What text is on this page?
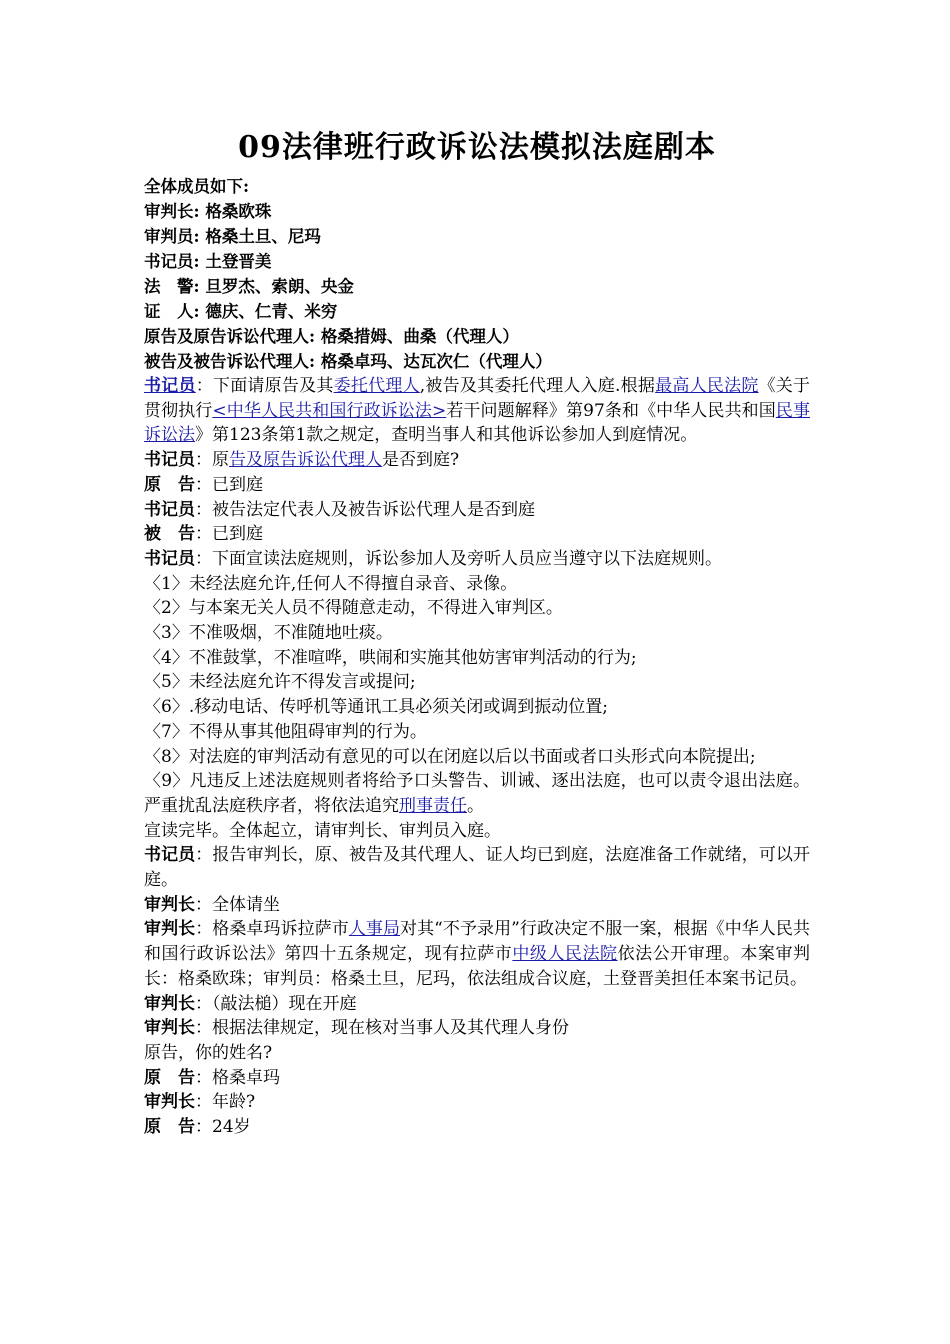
09法律班行政诉讼法模拟法庭剧本

全体成员如下:

审判长: 格桑欧珠

审判员: 格桑土旦、尼玛

书记员: 土登晋美

法　警: 旦罗杰、索朗、央金

证　人: 德庆、仁青、米穷

原告及原告诉讼代理人: 格桑措姆、曲桑（代理人）

被告及被告诉讼代理人: 格桑卓玛、达瓦次仁（代理人）

书记员：下面请原告及其委托代理人,被告及其委托代理人入庭.根据最高人民法院《关于贯彻执行<中华人民共和国行政诉讼法>若干问题解释》第97条和《中华人民共和国民事诉讼法》第123条第1款之规定，查明当事人和其他诉讼参加人到庭情况。

书记员：原告及原告诉讼代理人是否到庭?

原　告：已到庭

书记员：被告法定代表人及被告诉讼代理人是否到庭

被　告：已到庭

书记员：下面宣读法庭规则，诉讼参加人及旁听人员应当遵守以下法庭规则。

〈1〉未经法庭允许,任何人不得擅自录音、录像。

〈2〉与本案无关人员不得随意走动，不得进入审判区。

〈3〉不准吸烟，不准随地吐痰。

〈4〉不准鼓掌，不准喧哗，哄闹和实施其他妨害审判活动的行为;

〈5〉未经法庭允许不得发言或提问;

〈6〉.移动电话、传呼机等通讯工具必须关闭或调到振动位置;

〈7〉不得从事其他阻碍审判的行为。

〈8〉对法庭的审判活动有意见的可以在闭庭以后以书面或者口头形式向本院提出;

〈9〉凡违反上述法庭规则者将给予口头警告、训诫、逐出法庭，也可以责令退出法庭。严重扰乱法庭秩序者，将依法追究刑事责任。

宣读完毕。全体起立，请审判长、审判员入庭。

书记员：报告审判长，原、被告及其代理人、证人均已到庭，法庭准备工作就绪，可以开庭。

审判长：全体请坐

审判长：格桑卓玛诉拉萨市人事局对其“不予录用”行政决定不服一案，根据《中华人民共和国行政诉讼法》第四十五条规定，现有拉萨市中级人民法院依法公开审理。本案审判长：格桑欧珠；审判员：格桑土旦，尼玛，依法组成合议庭，土登晋美担任本案书记员。

审判长：（敲法槌）现在开庭

审判长：根据法律规定，现在核对当事人及其代理人身份

原告，你的姓名?

原　告：格桑卓玛

审判长：年龄?

原　告：24岁
